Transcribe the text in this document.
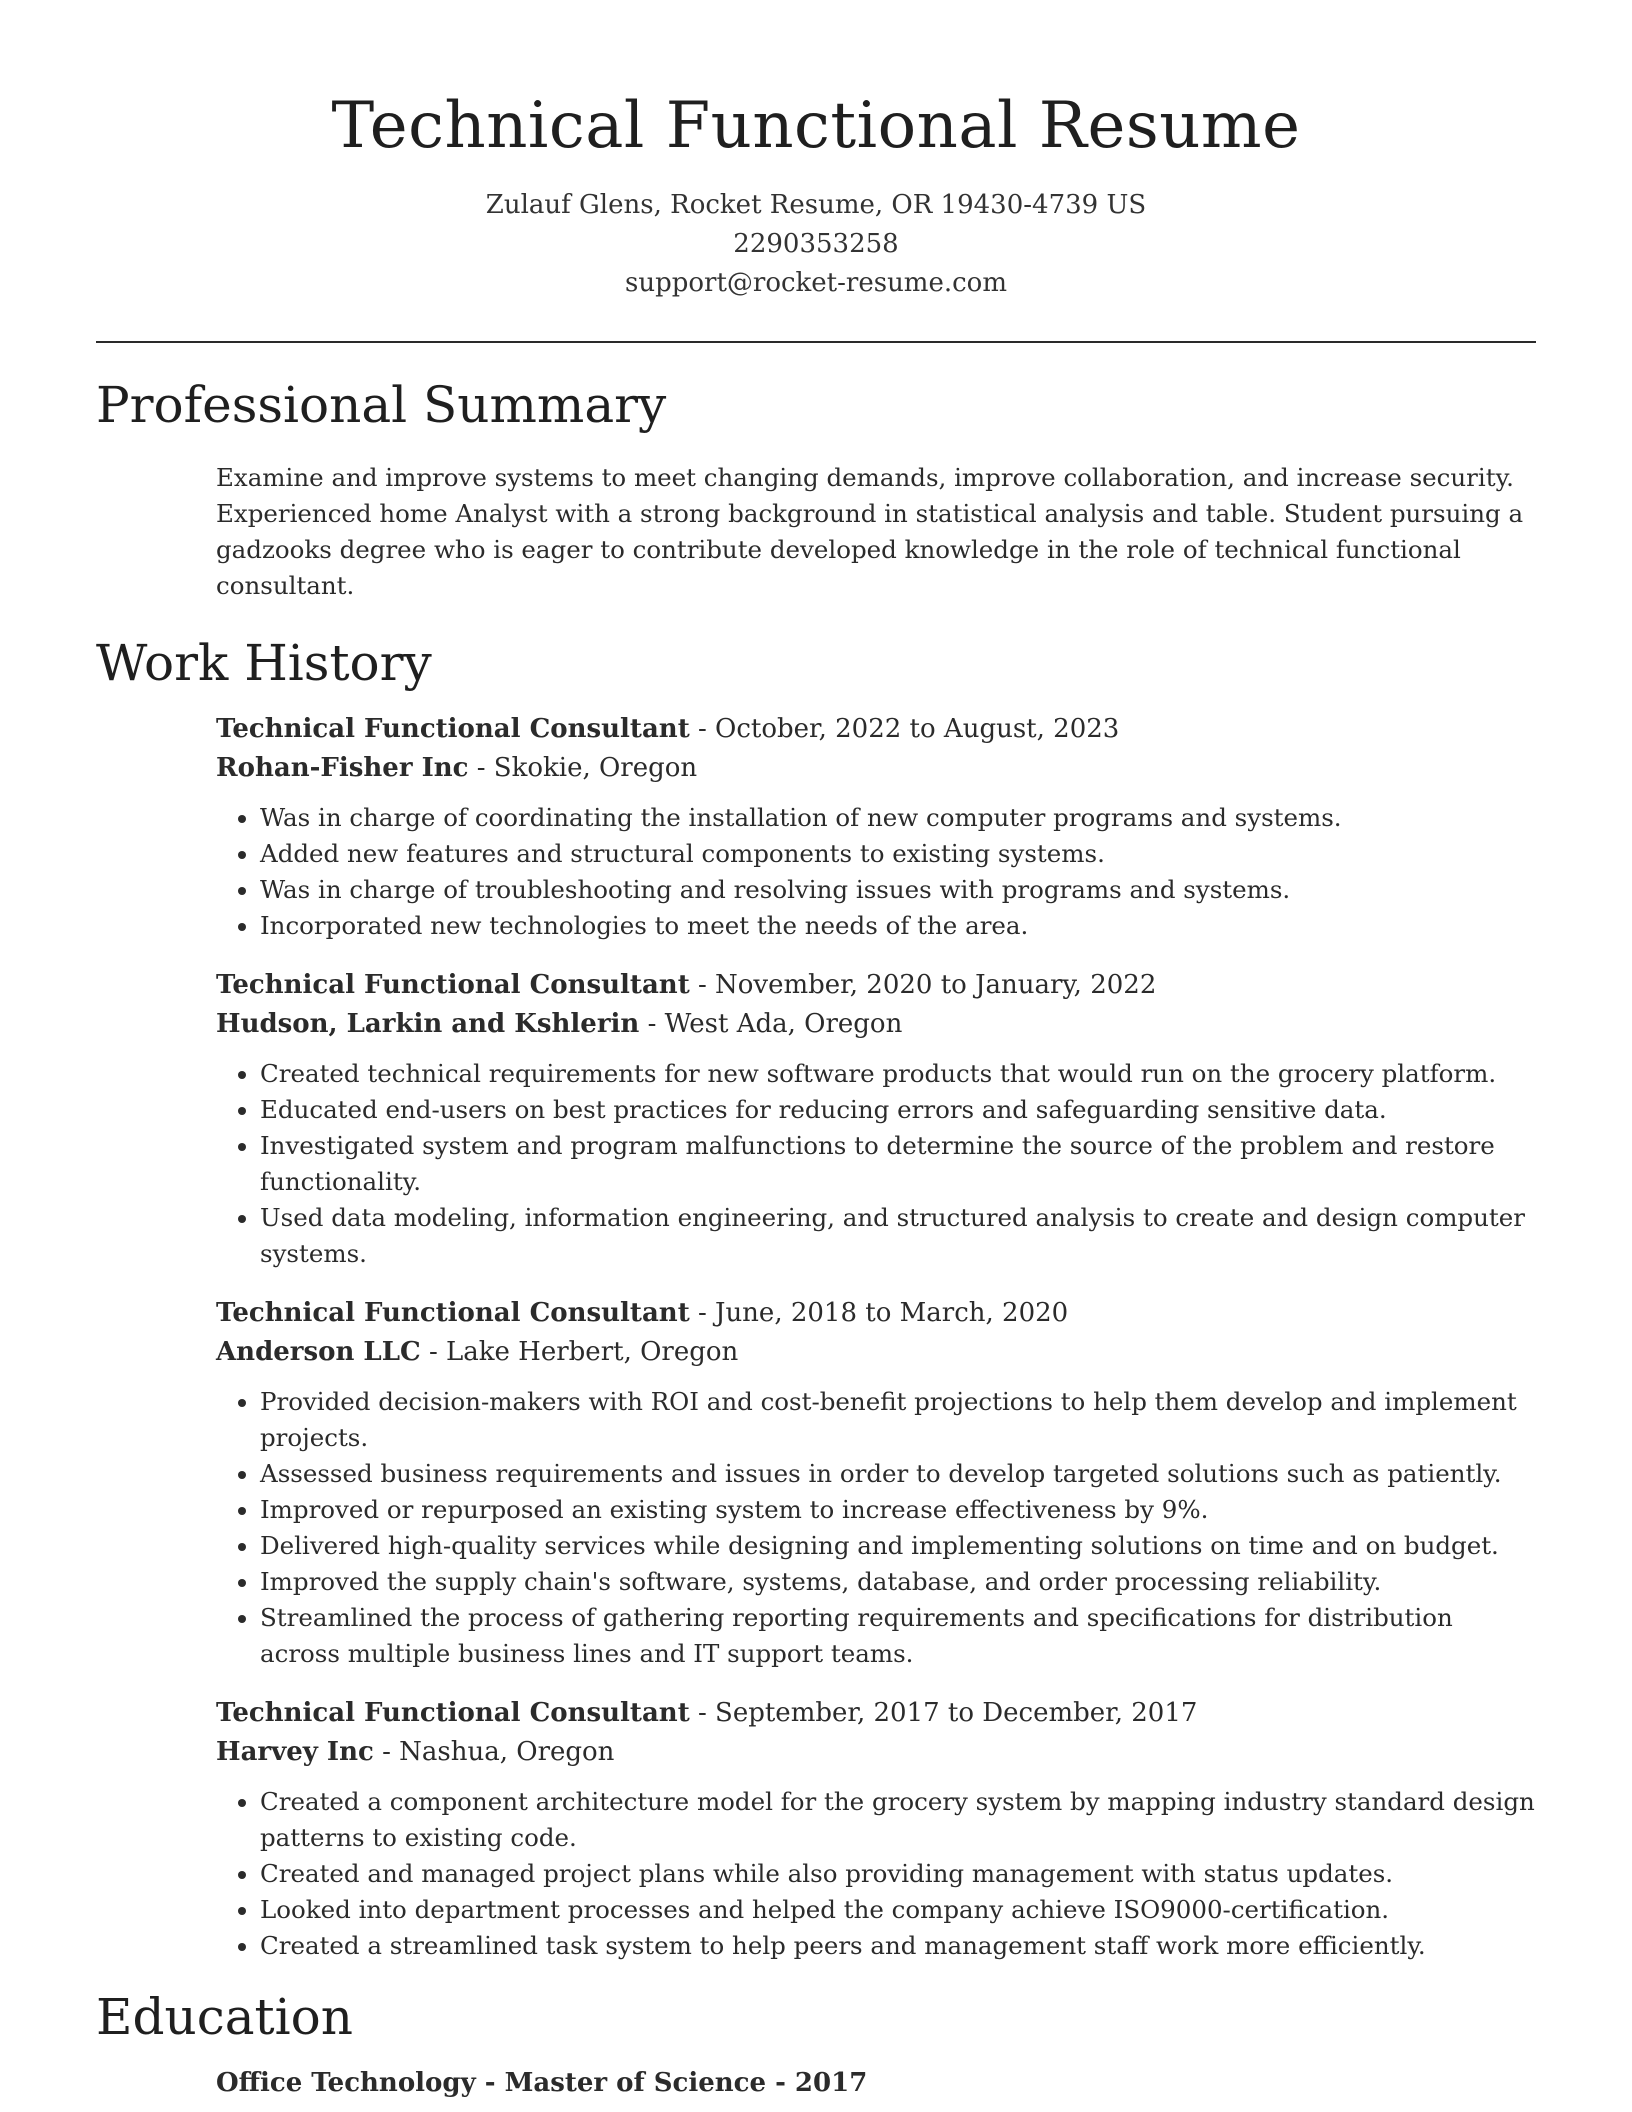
Technical Functional Resume
Zulauf Glens, Rocket Resume, OR 19430-4739 US
2290353258
support@rocket-resume.com
Professional Summary

Examine and improve systems to meet changing demands, improve collaboration, and increase security. Experienced home Analyst with a strong background in statistical analysis and table. Student pursuing a gadzooks degree who is eager to contribute developed knowledge in the role of technical functional consultant.

Work History
Technical Functional Consultant - October, 2022 to August, 2023
Rohan-Fisher Inc - Skokie, Oregon
• Was in charge of coordinating the installation of new computer programs and systems.
• Added new features and structural components to existing systems.
• Was in charge of troubleshooting and resolving issues with programs and systems.
• Incorporated new technologies to meet the needs of the area.
Technical Functional Consultant - November, 2020 to January, 2022
Hudson, Larkin and Kshlerin - West Ada, Oregon
• Created technical requirements for new software products that would run on the grocery platform.
• Educated end-users on best practices for reducing errors and safeguarding sensitive data.
• Investigated system and program malfunctions to determine the source of the problem and restore functionality.
• Used data modeling, information engineering, and structured analysis to create and design computer systems.
Technical Functional Consultant - June, 2018 to March, 2020
Anderson LLC - Lake Herbert, Oregon
• Provided decision-makers with ROI and cost-benefit projections to help them develop and implement projects.
• Assessed business requirements and issues in order to develop targeted solutions such as patiently.
• Improved or repurposed an existing system to increase effectiveness by 9%.
• Delivered high-quality services while designing and implementing solutions on time and on budget.
• Improved the supply chain's software, systems, database, and order processing reliability.
• Streamlined the process of gathering reporting requirements and specifications for distribution across multiple business lines and IT support teams.
Technical Functional Consultant - September, 2017 to December, 2017
Harvey Inc - Nashua, Oregon
• Created a component architecture model for the grocery system by mapping industry standard design patterns to existing code.
• Created and managed project plans while also providing management with status updates.
• Looked into department processes and helped the company achieve ISO9000-certification.
• Created a streamlined task system to help peers and management staff work more efficiently.
Education
Office Technology - Master of Science - 2017
